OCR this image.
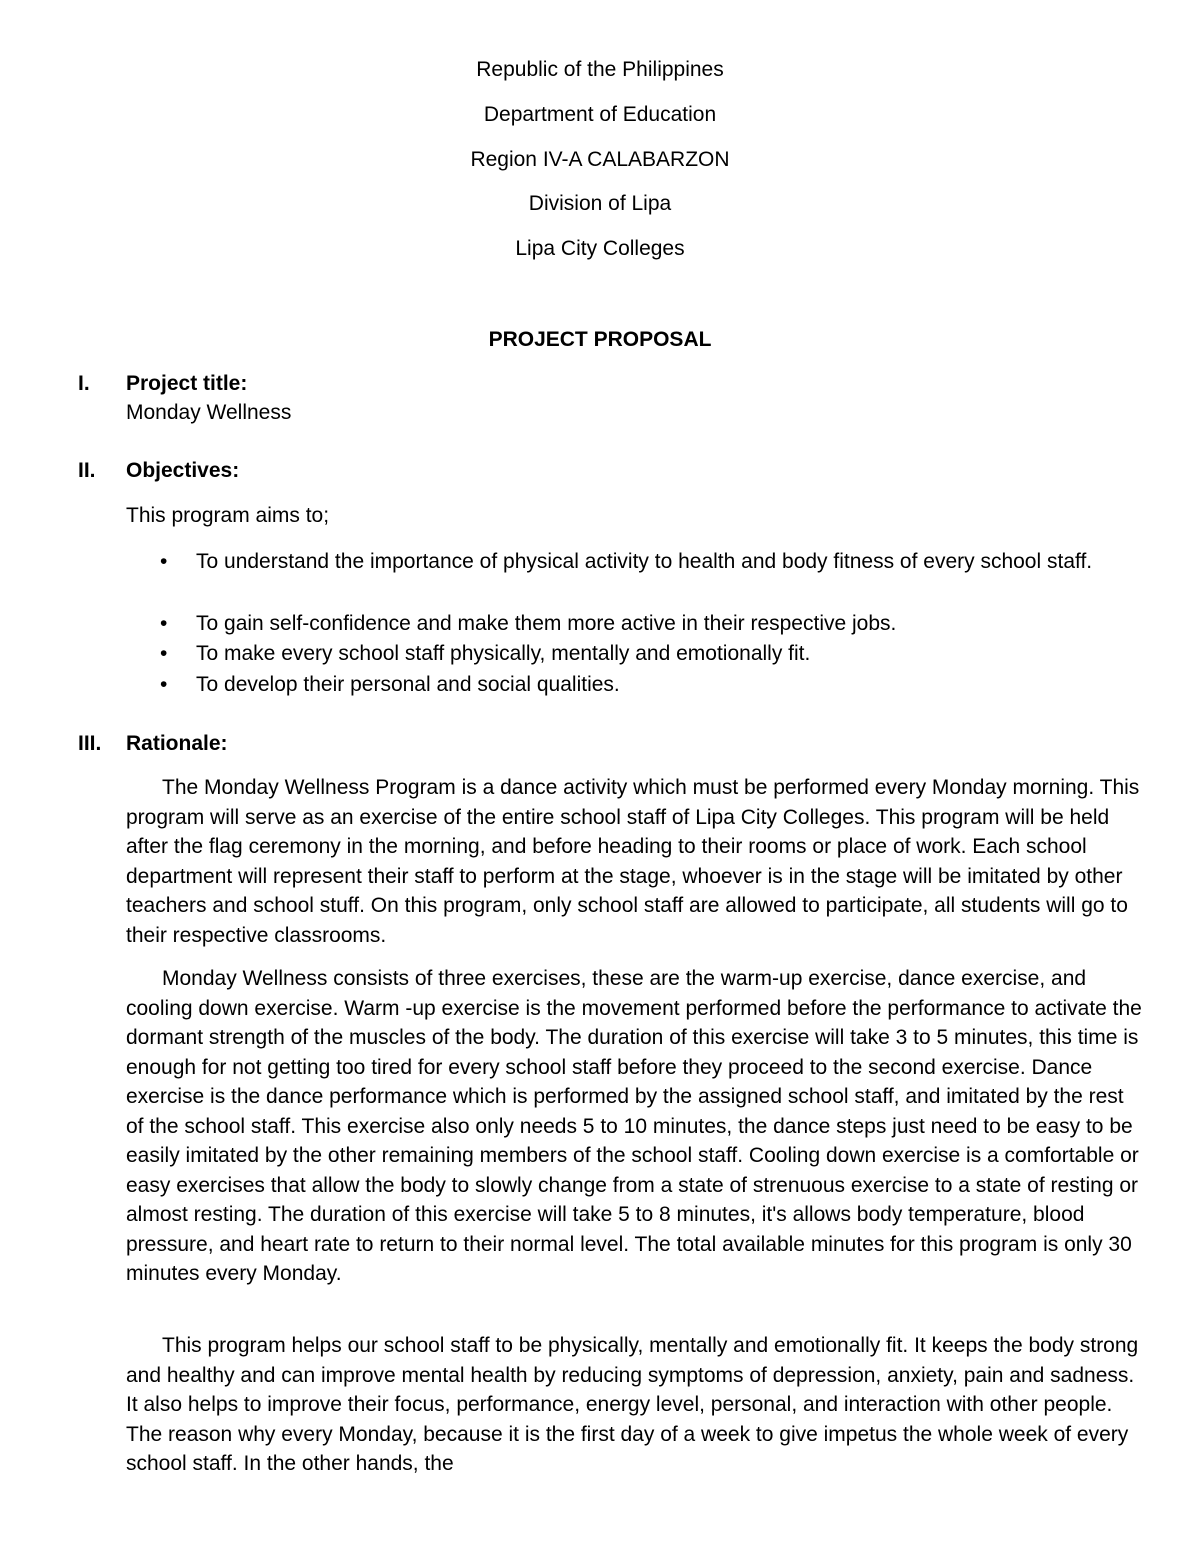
Republic of the Philippines
Department of Education
Region IV-A CALABARZON
Division of Lipa
Lipa City Colleges
PROJECT PROPOSAL
I. Project title:
Monday Wellness
II. Objectives:
This program aims to;
• To understand the importance of physical activity to health and body fitness of every school staff.
• To gain self-confidence and make them more active in their respective jobs.
• To make every school staff physically, mentally and emotionally fit.
• To develop their personal and social qualities.
III. Rationale:
The Monday Wellness Program is a dance activity which must be performed every Monday morning. This program will serve as an exercise of the entire school staff of Lipa City Colleges. This program will be held after the flag ceremony in the morning, and before heading to their rooms or place of work. Each school department will represent their staff to perform at the stage, whoever is in the stage will be imitated by other teachers and school stuff. On this program, only school staff are allowed to participate, all students will go to their respective classrooms.
Monday Wellness consists of three exercises, these are the warm-up exercise, dance exercise, and cooling down exercise. Warm -up exercise is the movement performed before the performance to activate the dormant strength of the muscles of the body. The duration of this exercise will take 3 to 5 minutes, this time is enough for not getting too tired for every school staff before they proceed to the second exercise. Dance exercise is the dance performance which is performed by the assigned school staff, and imitated by the rest of the school staff. This exercise also only needs 5 to 10 minutes, the dance steps just need to be easy to be easily imitated by the other remaining members of the school staff. Cooling down exercise is a comfortable or easy exercises that allow the body to slowly change from a state of strenuous exercise to a state of resting or almost resting. The duration of this exercise will take 5 to 8 minutes, it's allows body temperature, blood pressure, and heart rate to return to their normal level. The total available minutes for this program is only 30 minutes every Monday.
This program helps our school staff to be physically, mentally and emotionally fit. It keeps the body strong and healthy and can improve mental health by reducing symptoms of depression, anxiety, pain and sadness. It also helps to improve their focus, performance, energy level, personal, and interaction with other people. The reason why every Monday, because it is the first day of a week to give impetus the whole week of every school staff. In the other hands, the
